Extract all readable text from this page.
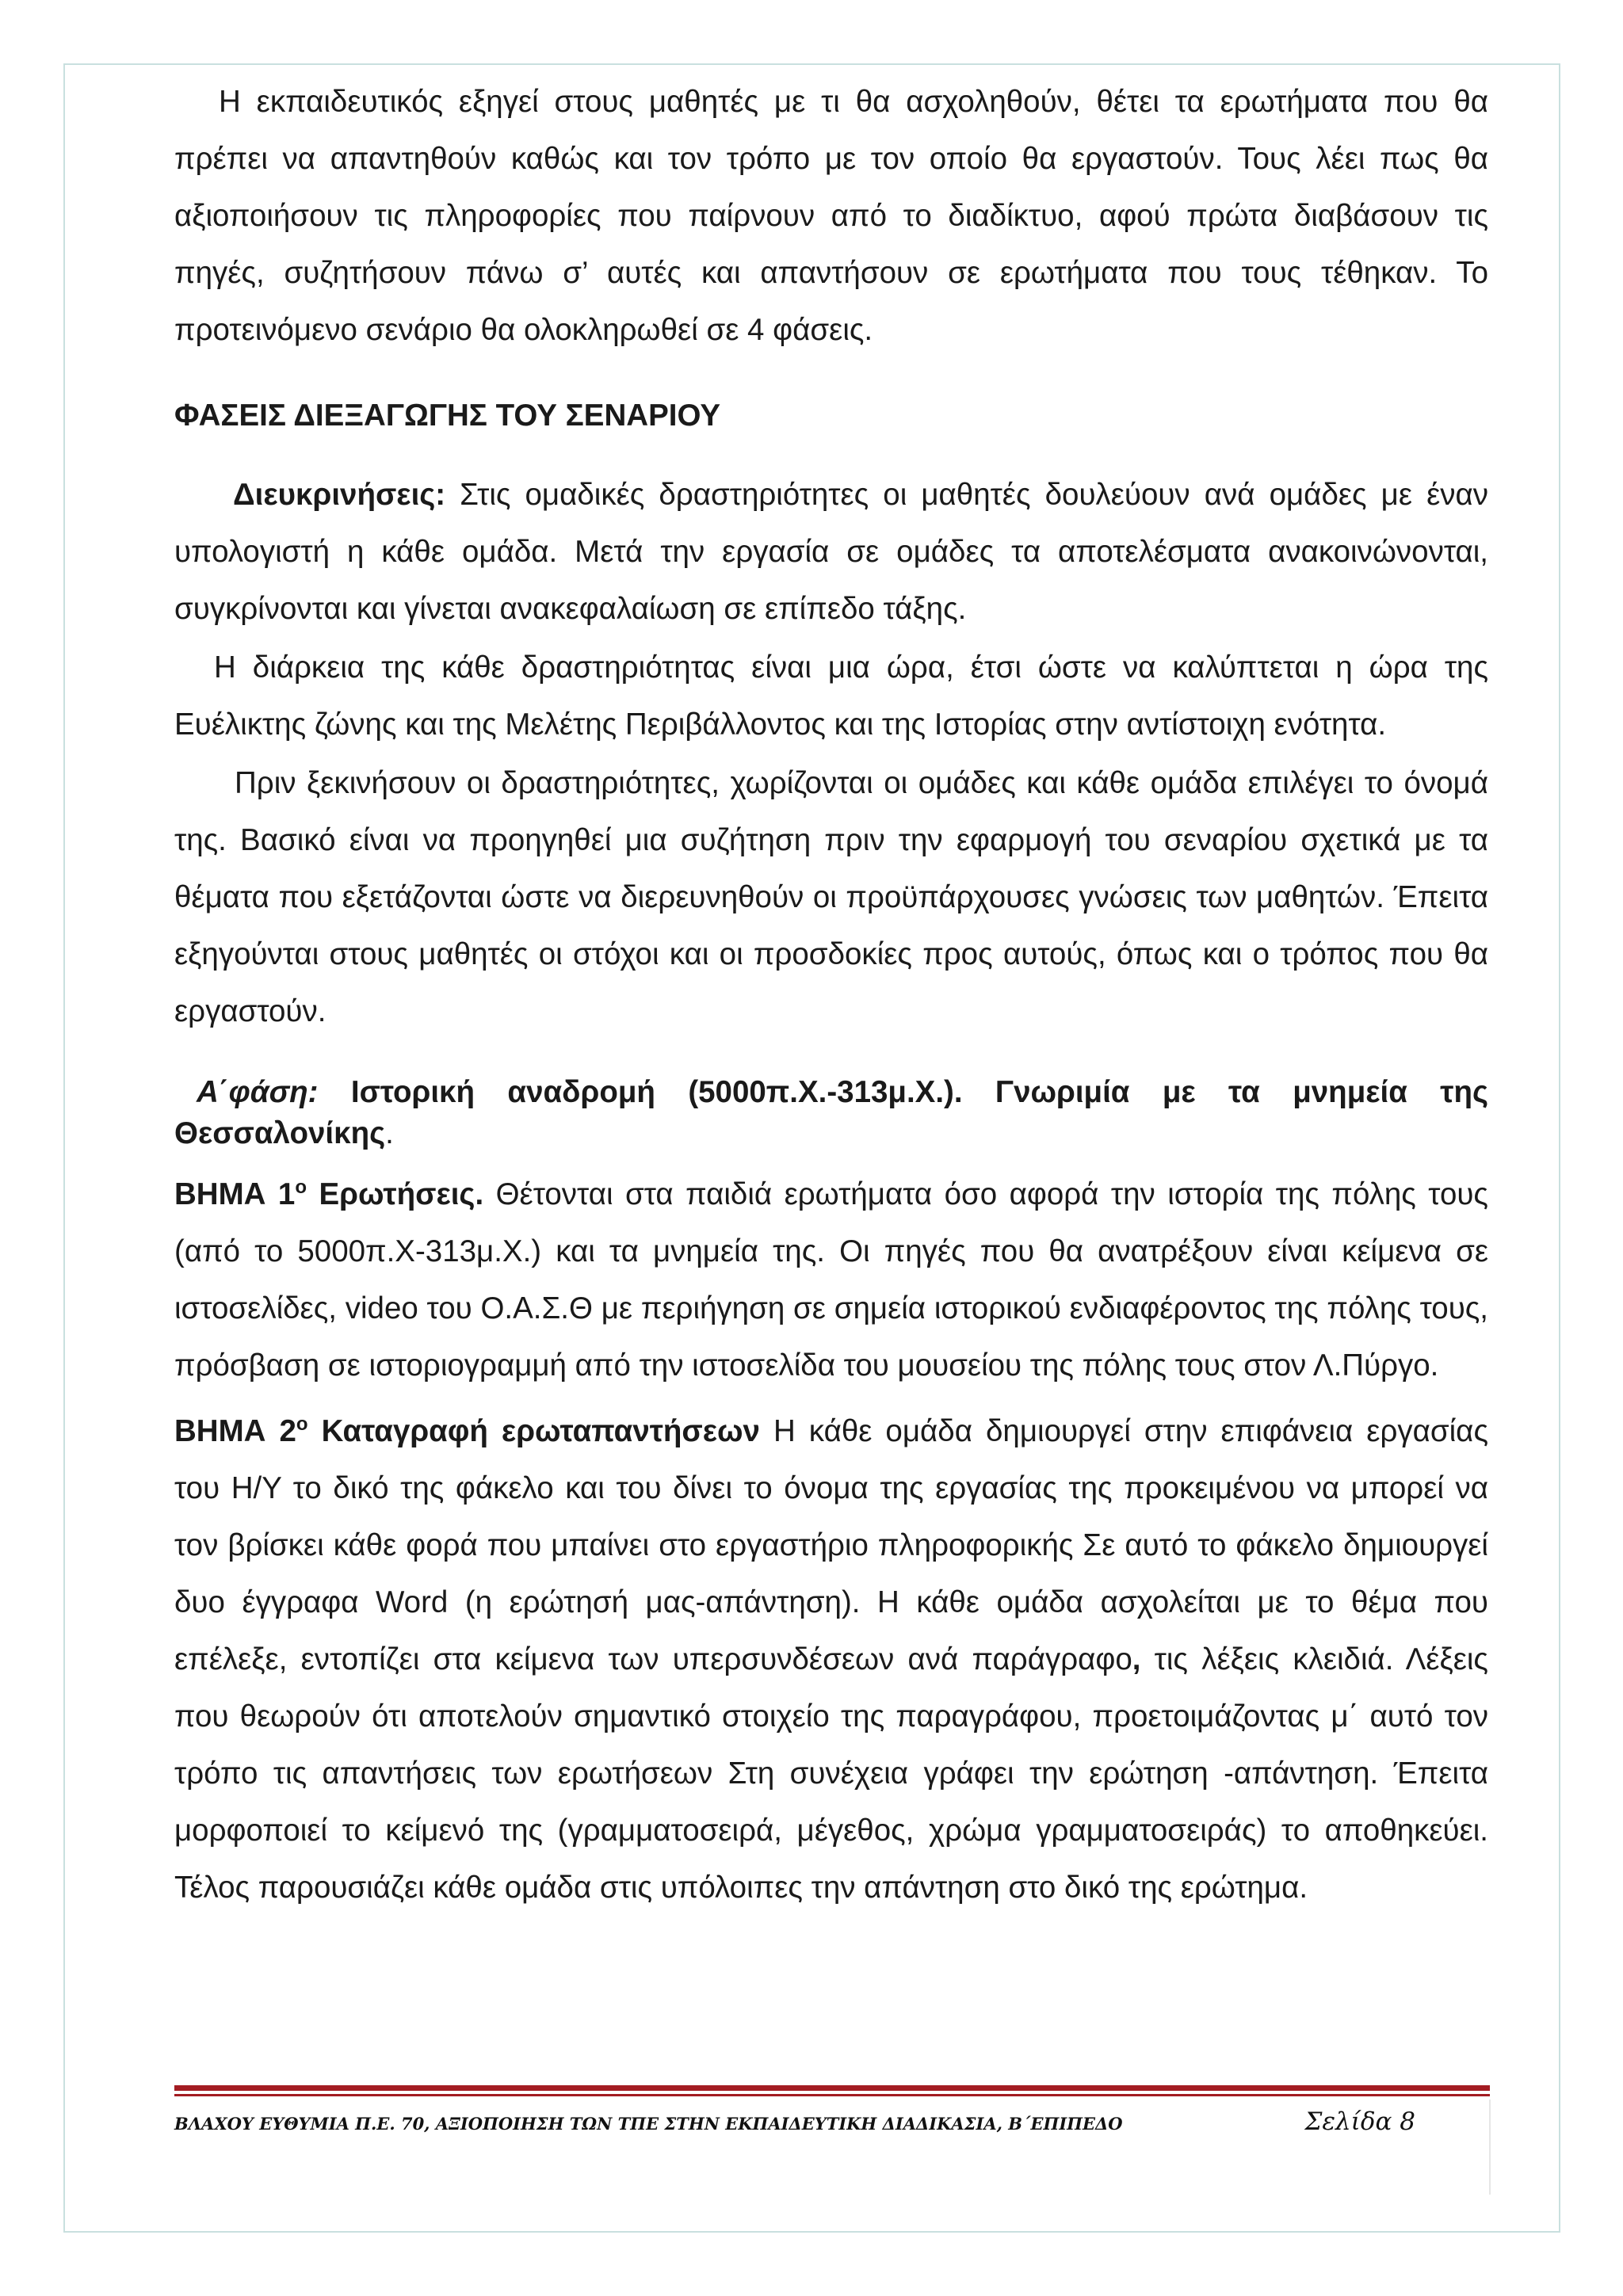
Η εκπαιδευτικός εξηγεί στους μαθητές με τι θα ασχοληθούν, θέτει τα ερωτήματα που θα πρέπει να απαντηθούν καθώς και τον τρόπο με τον οποίο θα εργαστούν. Τους λέει πως θα αξιοποιήσουν τις πληροφορίες που παίρνουν από το διαδίκτυο, αφού πρώτα διαβάσουν τις πηγές, συζητήσουν πάνω σ’ αυτές και απαντήσουν σε ερωτήματα που τους τέθηκαν. Το προτεινόμενο σενάριο θα ολοκληρωθεί σε 4 φάσεις.

ΦΑΣΕΙΣ ΔΙΕΞΑΓΩΓΗΣ ΤΟΥ ΣΕΝΑΡΙΟΥ

Διευκρινήσεις: Στις ομαδικές δραστηριότητες οι μαθητές δουλεύουν ανά ομάδες με έναν υπολογιστή η κάθε ομάδα. Μετά την εργασία σε ομάδες τα αποτελέσματα ανακοινώνονται, συγκρίνονται και γίνεται ανακεφαλαίωση σε επίπεδο τάξης.

Η διάρκεια της κάθε δραστηριότητας είναι μια ώρα, έτσι ώστε να καλύπτεται η ώρα της Ευέλικτης ζώνης και της Μελέτης Περιβάλλοντος και της Ιστορίας στην αντίστοιχη ενότητα.

Πριν ξεκινήσουν οι δραστηριότητες, χωρίζονται οι ομάδες και κάθε ομάδα επιλέγει το όνομά της. Βασικό είναι να προηγηθεί μια συζήτηση πριν την εφαρμογή του σεναρίου σχετικά με τα θέματα που εξετάζονται ώστε να διερευνηθούν οι προϋπάρχουσες γνώσεις των μαθητών. Έπειτα εξηγούνται στους μαθητές οι στόχοι και οι προσδοκίες προς αυτούς, όπως και ο τρόπος που θα εργαστούν.

Α΄φάση: Ιστορική αναδρομή (5000π.Χ.-313μ.Χ.). Γνωριμία με τα μνημεία της Θεσσαλονίκης.

ΒΗΜΑ $1^o$ Ερωτήσεις. Θέτονται στα παιδιά ερωτήματα όσο αφορά την ιστορία της πόλης τους (από το 5000π.Χ-313μ.Χ.) και τα μνημεία της. Οι πηγές που θα ανατρέξουν είναι κείμενα σε ιστοσελίδες, video του Ο.Α.Σ.Θ με περιήγηση σε σημεία ιστορικού ενδιαφέροντος της πόλης τους, πρόσβαση σε ιστοριογραμμή από την ιστοσελίδα του μουσείου της πόλης τους στον Λ.Πύργο.

ΒΗΜΑ $2^o$ Καταγραφή ερωταπαντήσεων Η κάθε ομάδα δημιουργεί στην επιφάνεια εργασίας του Η/Υ το δικό της φάκελο και του δίνει το όνομα της εργασίας της προκειμένου να μπορεί να τον βρίσκει κάθε φορά που μπαίνει στο εργαστήριο πληροφορικής Σε αυτό το φάκελο δημιουργεί δυο έγγραφα Word (η ερώτησή μας-απάντηση). Η κάθε ομάδα ασχολείται με το θέμα που επέλεξε, εντοπίζει στα κείμενα των υπερσυνδέσεων ανά παράγραφο, τις λέξεις κλειδιά. Λέξεις που θεωρούν ότι αποτελούν σημαντικό στοιχείο της παραγράφου, προετοιμάζοντας μ΄ αυτό τον τρόπο τις απαντήσεις των ερωτήσεων Στη συνέχεια γράφει την ερώτηση -απάντηση. Έπειτα μορφοποιεί το κείμενό της (γραμματοσειρά, μέγεθος, χρώμα γραμματοσειράς) το αποθηκεύει. Τέλος παρουσιάζει κάθε ομάδα στις υπόλοιπες την απάντηση στο δικό της ερώτημα.

ΒΛΑΧΟΥ ΕΥΘΥΜΙΑ Π.Ε. 70, ΑΞΙΟΠΟΙΗΣΗ ΤΩΝ ΤΠΕ ΣΤΗΝ ΕΚΠΑΙΔΕΥΤΙΚΗ ΔΙΑΔΙΚΑΣΙΑ, Β΄ΕΠΙΠΕΔΟ	Σελίδα 8
